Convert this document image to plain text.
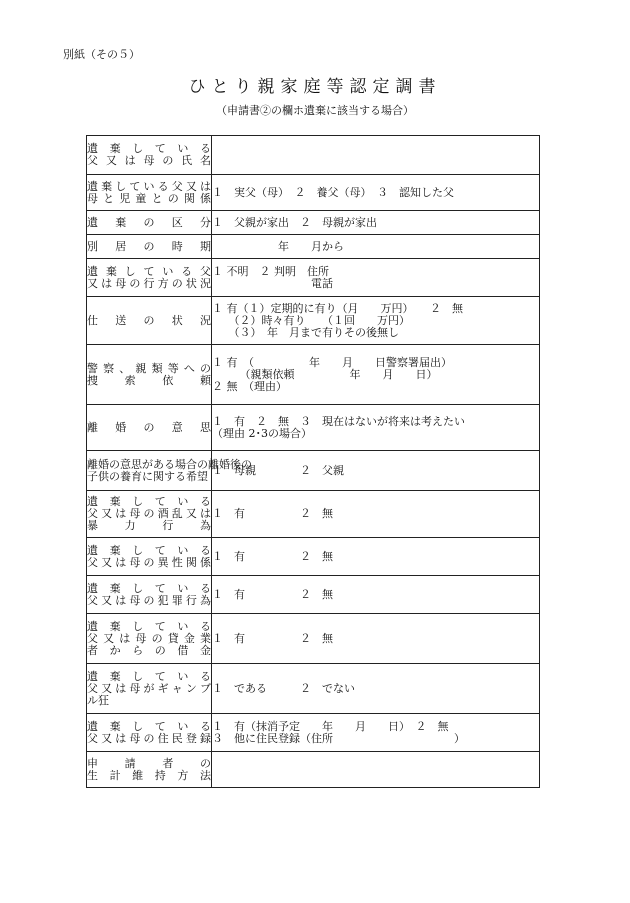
別紙（その５）
ひとり親家庭等認定調書
（申請書②の欄ホ遺棄に該当する場合）
遺棄している
父又は母の氏名	

遺棄している父又は
母と児童との関係	１　実父（母）　２　養父（母）　３　認知した父

遺棄の区分	１　父親が家出　２　母親が家出

別居の時期	　　　　　　年　　月から

遺棄している父
又は母の行方の状況	１ 不明　２ 判明　住所
　　　　　　　　　電話

仕送の状況	１ 有（１）定期的に有り（月　　万円）　　２　無
　　（２）時々有り　　（１回　　万円）
　　（３）　年　月まで有りその後無し

警察、親類等への
捜索依頼	１ 有　（　　　　　年　　月　　日警察署届出）
　　　（親類依頼　　　　　年　　月　　日）
２ 無　（理由）

離婚の意思	１　有　２　無　３　現在はないが将来は考えたい
（理由 2･3の場合）

離婚の意思がある場合の離婚後の
子供の養育に関する希望	１　母親　　　　２　父親

遺棄している
父又は母の酒乱又は
暴力行為	１　有　　　　　２　無

遺棄している
父又は母の異性関係	１　有　　　　　２　無

遺棄している
父又は母の犯罪行為	１　有　　　　　２　無

遺棄している
父又は母の貸金業
者からの借金	１　有　　　　　２　無

遺棄している
父又は母がギャンブ
ル狂	１　である　　　２　でない

遺棄している
父又は母の住民登録	１　有（抹消予定　　年　　月　　日）　２　無
３　他に住民登録（住所　　　　　　　　　　　）

申請者の
生計維持方法	
